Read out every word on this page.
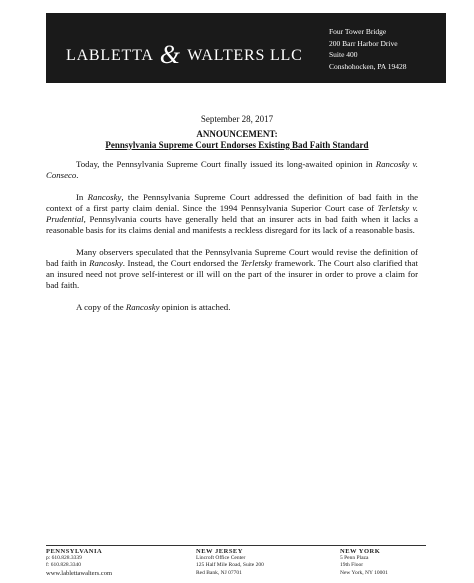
LABLETTA & WALTERS LLC
Four Tower Bridge
200 Barr Harbor Drive
Suite 400
Conshohocken, PA 19428
September 28, 2017
ANNOUNCEMENT:
Pennsylvania Supreme Court Endorses Existing Bad Faith Standard

Today, the Pennsylvania Supreme Court finally issued its long-awaited opinion in Rancosky v. Conseco.

In Rancosky, the Pennsylvania Supreme Court addressed the definition of bad faith in the context of a first party claim denial. Since the 1994 Pennsylvania Superior Court case of Terletsky v. Prudential, Pennsylvania courts have generally held that an insurer acts in bad faith when it lacks a reasonable basis for its claims denial and manifests a reckless disregard for its lack of a reasonable basis.

Many observers speculated that the Pennsylvania Supreme Court would revise the definition of bad faith in Rancosky. Instead, the Court endorsed the Terletsky framework. The Court also clarified that an insured need not prove self-interest or ill will on the part of the insurer in order to prove a claim for bad faith.

A copy of the Rancosky opinion is attached.

PENNSYLVANIA
p: 610.828.3339
f: 610.828.3340
www.lablettawalters.com
NEW JERSEY
Lincroft Office Center
125 Half Mile Road, Suite 200
Red Bank, NJ 07701
NEW YORK
5 Penn Plaza
19th Floor
New York, NY 10001
